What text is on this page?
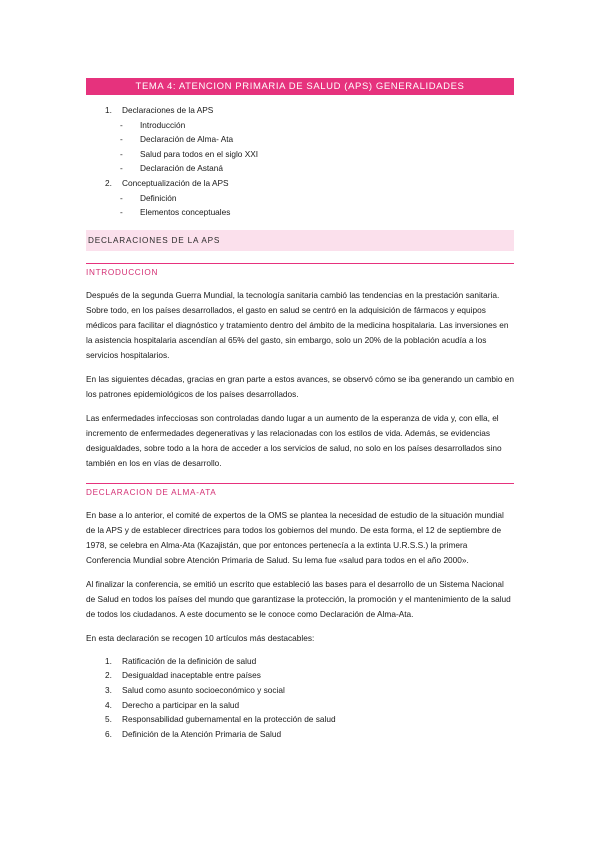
TEMA 4: ATENCION PRIMARIA DE SALUD (APS) GENERALIDADES
1. Declaraciones de la APS
- Introducción
- Declaración de Alma- Ata
- Salud para todos en el siglo XXI
- Declaración de Astaná
2. Conceptualización de la APS
- Definición
- Elementos conceptuales
DECLARACIONES DE LA APS
INTRODUCCION

Después de la segunda Guerra Mundial, la tecnología sanitaria cambió las tendencias en la prestación sanitaria. Sobre todo, en los países desarrollados, el gasto en salud se centró en la adquisición de fármacos y equipos médicos para facilitar el diagnóstico y tratamiento dentro del ámbito de la medicina hospitalaria. Las inversiones en la asistencia hospitalaria ascendían al 65% del gasto, sin embargo, solo un 20% de la población acudía a los servicios hospitalarios.

En las siguientes décadas, gracias en gran parte a estos avances, se observó cómo se iba generando un cambio en los patrones epidemiológicos de los países desarrollados.

Las enfermedades infecciosas son controladas dando lugar a un aumento de la esperanza de vida y, con ella, el incremento de enfermedades degenerativas y las relacionadas con los estilos de vida. Además, se evidencias desigualdades, sobre todo a la hora de acceder a los servicios de salud, no solo en los países desarrollados sino también en los en vías de desarrollo.

DECLARACION DE ALMA-ATA

En base a lo anterior, el comité de expertos de la OMS se plantea la necesidad de estudio de la situación mundial de la APS y de establecer directrices para todos los gobiernos del mundo. De esta forma, el 12 de septiembre de 1978, se celebra en Alma-Ata (Kazajistán, que por entonces pertenecía a la extinta U.R.S.S.) la primera Conferencia Mundial sobre Atención Primaria de Salud. Su lema fue «salud para todos en el año 2000».

Al finalizar la conferencia, se emitió un escrito que estableció las bases para el desarrollo de un Sistema Nacional de Salud en todos los países del mundo que garantizase la protección, la promoción y el mantenimiento de la salud de todos los ciudadanos. A este documento se le conoce como Declaración de Alma-Ata.

En esta declaración se recogen 10 artículos más destacables:

1. Ratificación de la definición de salud
2. Desigualdad inaceptable entre países
3. Salud como asunto socioeconómico y social
4. Derecho a participar en la salud
5. Responsabilidad gubernamental en la protección de salud
6. Definición de la Atención Primaria de Salud
